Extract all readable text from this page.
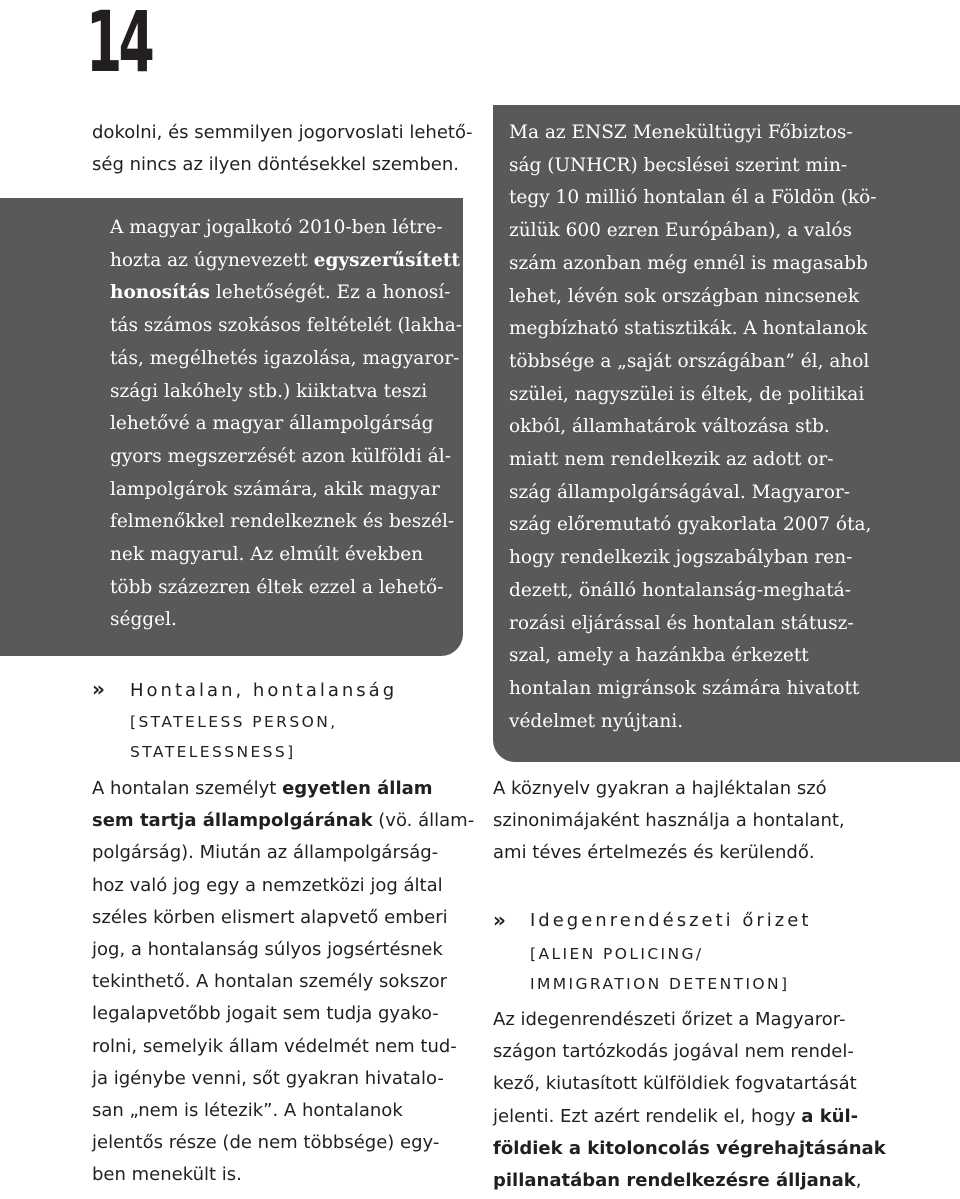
14
dokolni, és semmilyen jogorvoslati lehető-
ség nincs az ilyen döntésekkel szemben.
A magyar jogalkotó 2010-ben létre-
hozta az úgynevezett egyszerűsített
honosítás lehetőségét. Ez a honosí-
tás számos szokásos feltételét (lakha-
tás, megélhetés igazolása, magyaror-
szági lakóhely stb.) kiiktatva teszi
lehetővé a magyar állampolgárság
gyors megszerzését azon külföldi ál-
lampolgárok számára, akik magyar
felmenőkkel rendelkeznek és beszél-
nek magyarul. Az elmúlt években
több százezren éltek ezzel a lehető-
séggel.
» Hontalan, hontalanság
[STATELESS PERSON,
STATELESSNESS]
A hontalan személyt egyetlen állam
sem tartja állampolgárának (vö. állam-
polgárság). Miután az állampolgárság-
hoz való jog egy a nemzetközi jog által
széles körben elismert alapvető emberi
jog, a hontalanság súlyos jogsértésnek
tekinthető. A hontalan személy sokszor
legalapvetőbb jogait sem tudja gyako-
rolni, semelyik állam védelmét nem tud-
ja igénybe venni, sőt gyakran hivatalo-
san „nem is létezik”. A hontalanok
jelentős része (de nem többsége) egy-
ben menekült is.
Ma az ENSZ Menekültügyi Főbiztos-
ság (UNHCR) becslései szerint min-
tegy 10 millió hontalan él a Földön (kö-
zülük 600 ezren Európában), a valós
szám azonban még ennél is magasabb
lehet, lévén sok országban nincsenek
megbízható statisztikák. A hontalanok
többsége a „saját országában” él, ahol
szülei, nagyszülei is éltek, de politikai
okból, államhatárok változása stb.
miatt nem rendelkezik az adott or-
szág állampolgárságával. Magyaror-
szág előremutató gyakorlata 2007 óta,
hogy rendelkezik jogszabályban ren-
dezett, önálló hontalanság-meghatá-
rozási eljárással és hontalan státusz-
szal, amely a hazánkba érkezett
hontalan migránsok számára hivatott
védelmet nyújtani.
A köznyelv gyakran a hajléktalan szó
szinonimájaként használja a hontalant,
ami téves értelmezés és kerülendő.
» Idegenrendészeti őrizet
[ALIEN POLICING/
IMMIGRATION DETENTION]
Az idegenrendészeti őrizet a Magyaror-
szágon tartózkodás jogával nem rendel-
kező, kiutasított külföldiek fogvatartását
jelenti. Ezt azért rendelik el, hogy a kül-
földiek a kitoloncolás végrehajtásának
pillanatában rendelkezésre álljanak,
